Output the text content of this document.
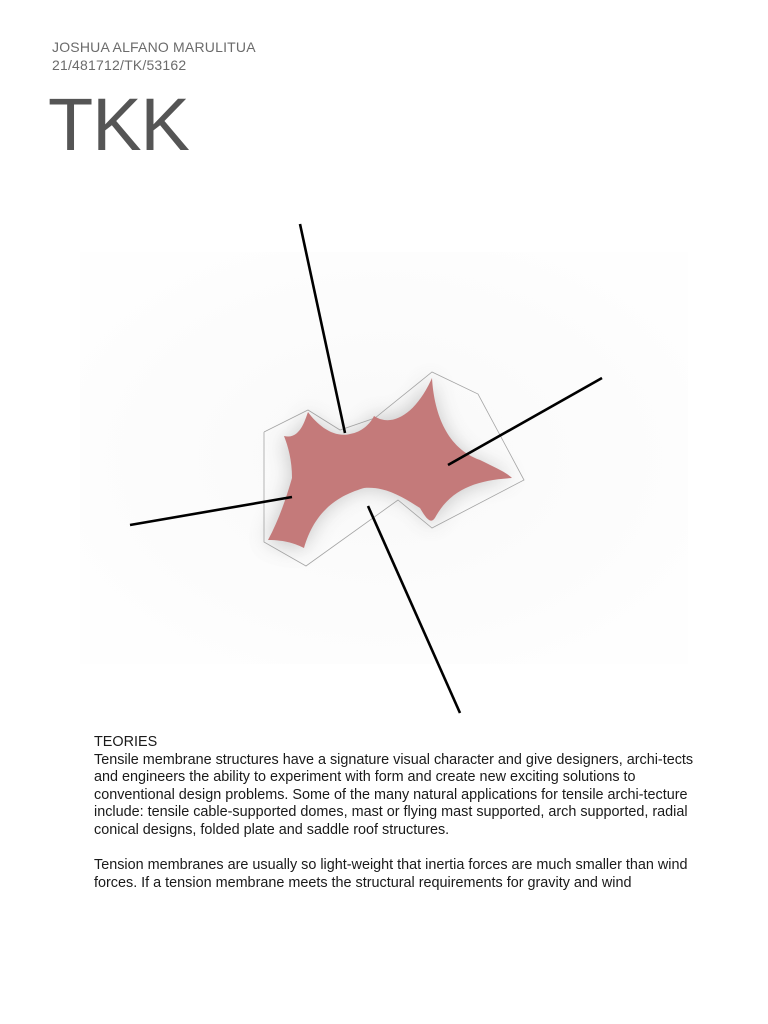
JOSHUA ALFANO MARULITUA
21/481712/TK/53162
TKK

TEORIES

Tensile membrane structures have a signature visual character and give designers, archi-tects and engineers the ability to experiment with form and create new exciting solutions to conventional design problems. Some of the many natural applications for tensile archi-tecture include: tensile cable-supported domes, mast or flying mast supported, arch supported, radial conical designs, folded plate and saddle roof structures.

Tension membranes are usually so light-weight that inertia forces are much smaller than wind forces. If a tension membrane meets the structural requirements for gravity and wind
